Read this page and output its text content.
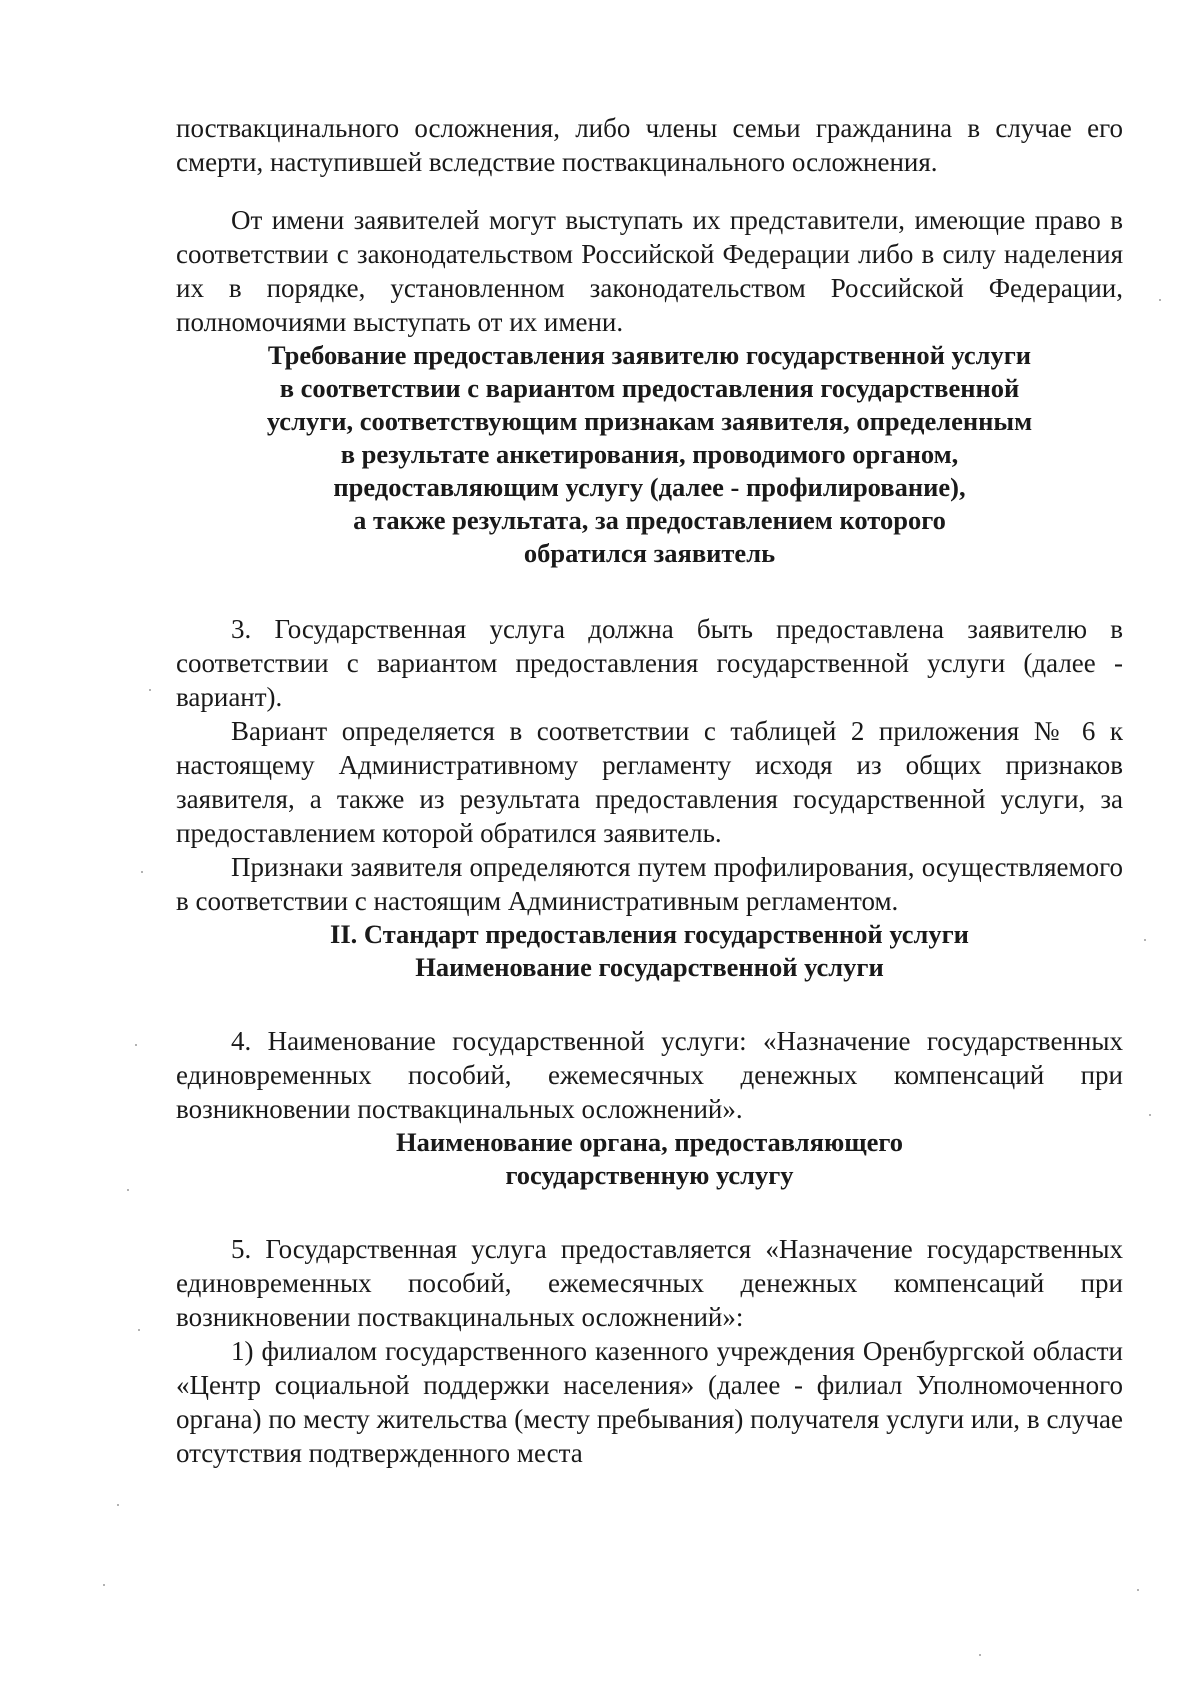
поствакцинального осложнения, либо члены семьи гражданина в случае его смерти, наступившей вследствие поствакцинального осложнения.

От имени заявителей могут выступать их представители, имеющие право в соответствии с законодательством Российской Федерации либо в силу наделения их в порядке, установленном законодательством Российской Федерации, полномочиями выступать от их имени.

Требование предоставления заявителю государственной услуги
в соответствии с вариантом предоставления государственной
услуги, соответствующим признакам заявителя, определенным
в результате анкетирования, проводимого органом,
предоставляющим услугу (далее - профилирование),
а также результата, за предоставлением которого
обратился заявитель

3. Государственная услуга должна быть предоставлена заявителю в соответствии с вариантом предоставления государственной услуги (далее - вариант).

Вариант определяется в соответствии с таблицей 2 приложения № 6 к настоящему Административному регламенту исходя из общих признаков заявителя, а также из результата предоставления государственной услуги, за предоставлением которой обратился заявитель.

Признаки заявителя определяются путем профилирования, осуществляемого в соответствии с настоящим Административным регламентом.

II. Стандарт предоставления государственной услуги
Наименование государственной услуги

4. Наименование государственной услуги: «Назначение государственных единовременных пособий, ежемесячных денежных компенсаций при возникновении поствакцинальных осложнений».

Наименование органа, предоставляющего
государственную услугу

5. Государственная услуга предоставляется «Назначение государственных единовременных пособий, ежемесячных денежных компенсаций при возникновении поствакцинальных осложнений»:

1) филиалом государственного казенного учреждения Оренбургской области «Центр социальной поддержки населения» (далее - филиал Уполномоченного органа) по месту жительства (месту пребывания) получателя услуги или, в случае отсутствия подтвержденного места
